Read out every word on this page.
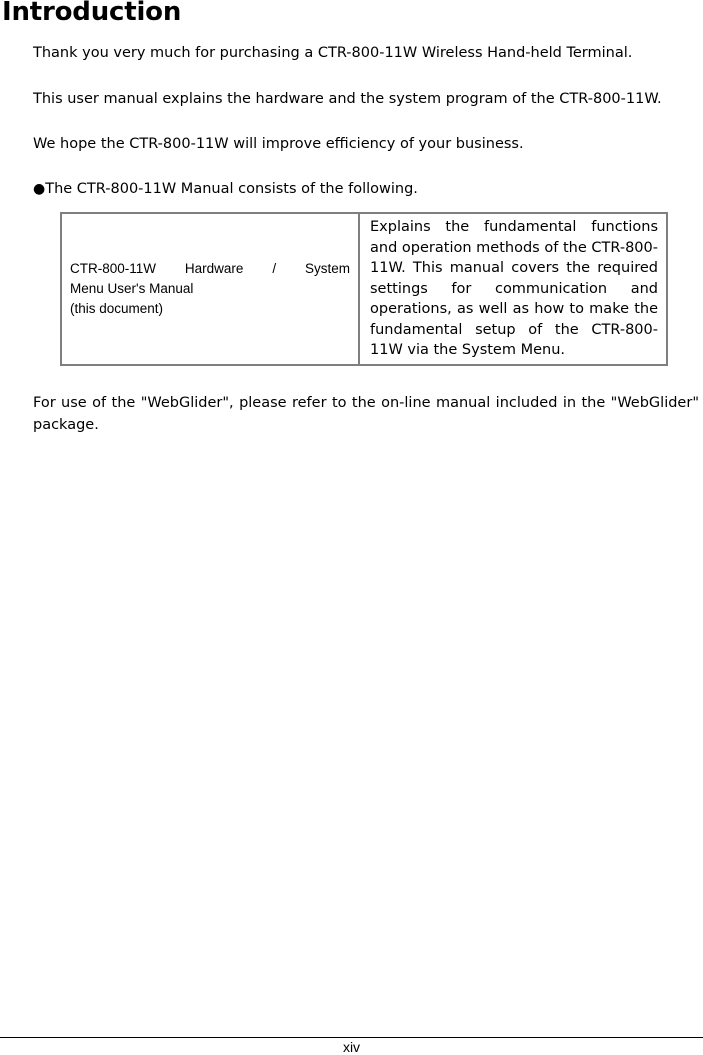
Introduction

Thank you very much for purchasing a CTR-800-11W Wireless Hand-held Terminal.

This user manual explains the hardware and the system program of the CTR-800-11W.

We hope the CTR-800-11W will improve efficiency of your business.

●The CTR-800-11W Manual consists of the following.

CTR-800-11W Hardware / System
Menu User's Manual
(this document)
	Explains the fundamental functions and operation methods of the CTR-800-11W. This manual covers the required settings for communication and operations, as well as how to make the fundamental setup of the CTR-800-11W via the System Menu.

For use of the "WebGlider", please refer to the on-line manual included in the "WebGlider" package.

xiv
